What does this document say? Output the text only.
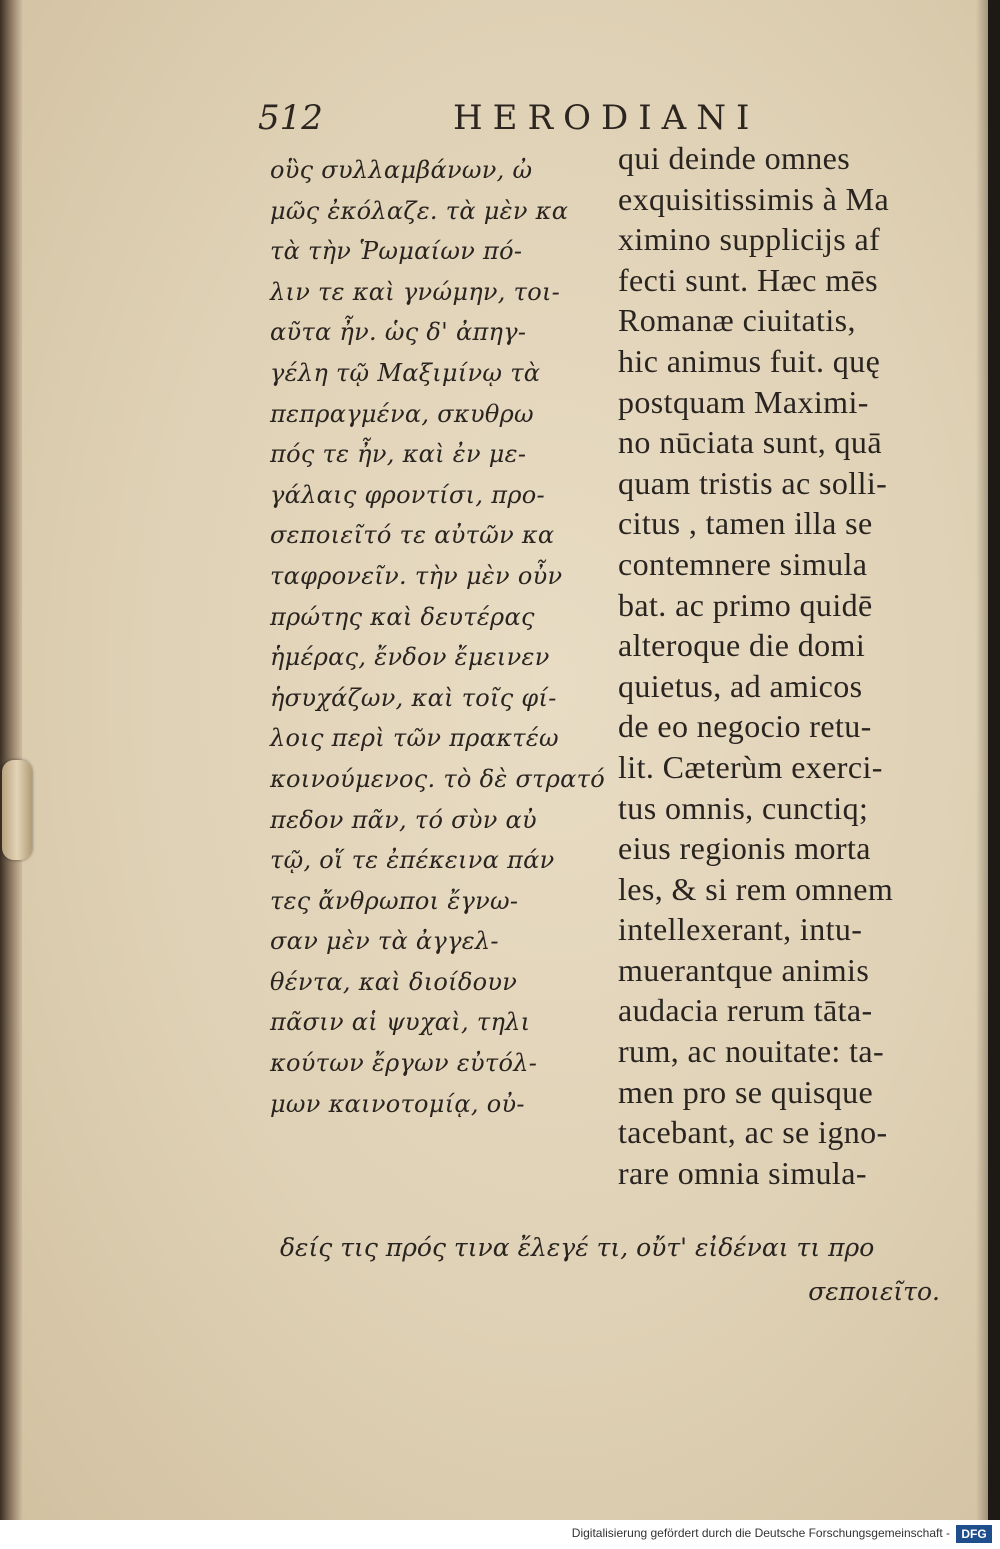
512	HERODIANI
οὓς συλλαμβάνων, ὠ
μῶς ἐκόλαζε. τὰ μὲν κα
τὰ τὴν Ῥωμαίων πό-
λιν τε καὶ γνώμην, τοι-
αῦτα ἦν. ὡς δ' ἀπηγ-
γέλη τῷ Μαξιμίνῳ τὰ
πεπραγμένα, σκυθρω
πός τε ἦν, καὶ ἐν με-
γάλαις φροντίσι, προ-
σεποιεῖτό τε αὐτῶν κα
ταφρονεῖν. τὴν μὲν οὖν
πρώτης καὶ δευτέρας
ἡμέρας, ἔνδον ἔμεινεν
ἡσυχάζων, καὶ τοῖς φί-
λοις περὶ τῶν πρακτέω
κοινούμενος. τὸ δὲ στρατό
πεδον πᾶν, τό σὺν αὐ
τῷ, οἵ τε ἐπέκεινα πάν
τες ἄνθρωποι ἔγνω-
σαν μὲν τὰ ἀγγελ-
θέντα, καὶ διοίδουν
πᾶσιν αἱ ψυχαὶ, τηλι
κούτων ἔργων εὐτόλ-
μων καινοτομίᾳ, οὐ-
qui deinde omnes
exquisitissimis à Ma
ximino supplicijs af
fecti sunt. Hæc mēs
Romanæ ciuitatis,
hic animus fuit. quę
postquam Maximi-
no nūciata sunt, quā
quam tristis ac solli-
citus , tamen illa se
contemnere simula
bat. ac primo quidē
alteroque die domi
quietus, ad amicos
de eo negocio retu-
lit. Cæterùm exerci-
tus omnis, cunctiq;
eius regionis morta
les, & si rem omnem
intellexerant, intu-
muerantque animis
audacia rerum tāta-
rum, ac nouitate: ta-
men pro se quisque
tacebant, ac se igno-
rare omnia simula-
δείς τις πρός τινα ἔλεγέ τι, οὔτ' εἰδέναι τι προ
σεποιεῖτο.
Digitalisierung gefördert durch die Deutsche Forschungsgemeinschaft - DFG
